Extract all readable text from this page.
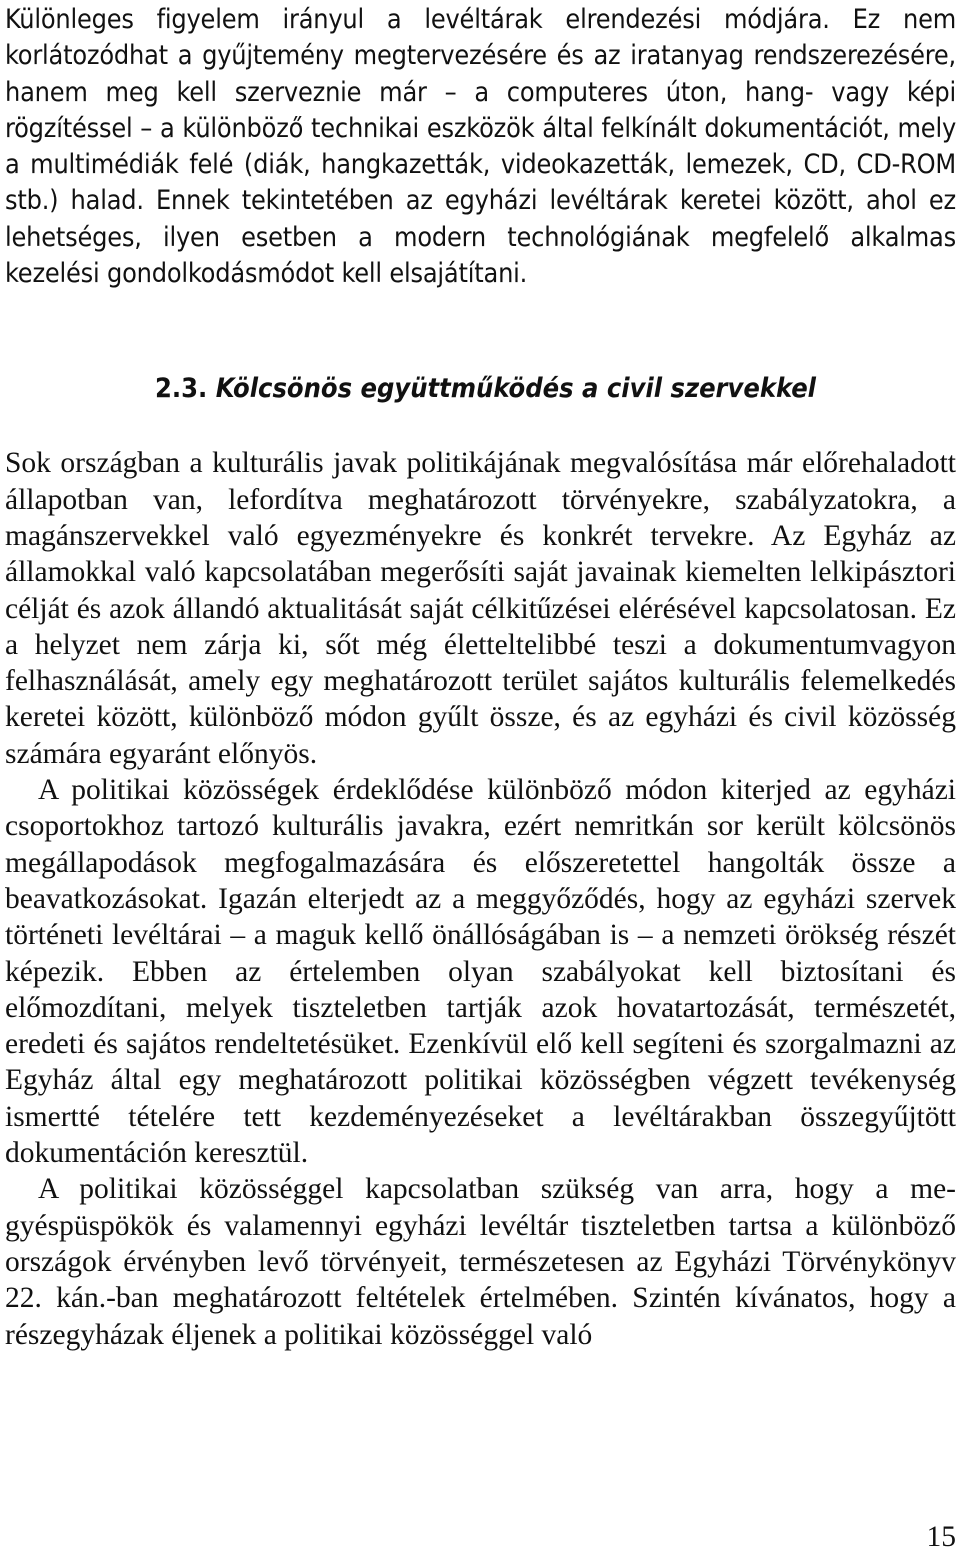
Különleges figyelem irányul a levéltárak elrendezési módjára. Ez nem korlátozódhat a gyűjtemény megtervezésére és az iratanyag rendszerezésére, hanem meg kell szerveznie már – a computeres úton, hang- vagy képi rögzítéssel – a különböző technikai eszközök által felkínált dokumentációt, mely a multimédiák felé (diák, hangkazetták, videokazetták, lemezek, CD, CD-ROM stb.) halad. Ennek tekintetében az egyházi levéltárak keretei között, ahol ez lehetséges, ilyen esetben a modern technológiának megfelelő alkalmas kezelési gondolkodásmódot kell elsajátítani.

2.3. Kölcsönös együttműködés a civil szervekkel

Sok országban a kulturális javak politikájának megvalósítása már előrehaladott állapotban van, lefordítva meghatározott törvényekre, szabályzatokra, a magánszervekkel való egyezményekre és konkrét tervekre. Az Egyház az államokkal való kapcsolatában megerősíti saját javainak kiemelten lelkipásztori célját és azok állandó aktualitását saját célkitűzései elérésével kapcsolatosan. Ez a helyzet nem zárja ki, sőt még életteltelibbé teszi a dokumentumvagyon felhasználását, amely egy meghatározott terület sajátos kulturális felemelkedés keretei között, különböző módon gyűlt össze, és az egyházi és civil közösség számára egyaránt előnyös.

A politikai közösségek érdeklődése különböző módon kiterjed az egyházi csoportokhoz tartozó kulturális javakra, ezért nemritkán sor került kölcsönös megállapodások megfogalmazására és előszeretettel hangolták össze a beavatkozásokat. Igazán elterjedt az a meggyőződés, hogy az egyházi szervek történeti levéltárai – a maguk kellő önállóságában is – a nemzeti örökség részét képezik. Ebben az értelemben olyan szabályokat kell biztosítani és előmozdítani, melyek tiszteletben tartják azok hovatartozását, természetét, eredeti és sajátos rendeltetésüket. Ezenkívül elő kell segíteni és szorgalmazni az Egyház által egy meghatározott politikai közösségben végzett tevékenység ismertté tételére tett kezdeményezéseket a levéltárakban összegyűjtött dokumentáción keresztül.

A politikai közösséggel kapcsolatban szükség van arra, hogy a megyéspüspökök és valamennyi egyházi levéltár tiszteletben tartsa a különböző országok érvényben levő törvényeit, természetesen az Egyházi Törvénykönyv 22. kán.-ban meghatározott feltételek értelmében. Szintén kívánatos, hogy a részegyházak éljenek a politikai közösséggel való

15
